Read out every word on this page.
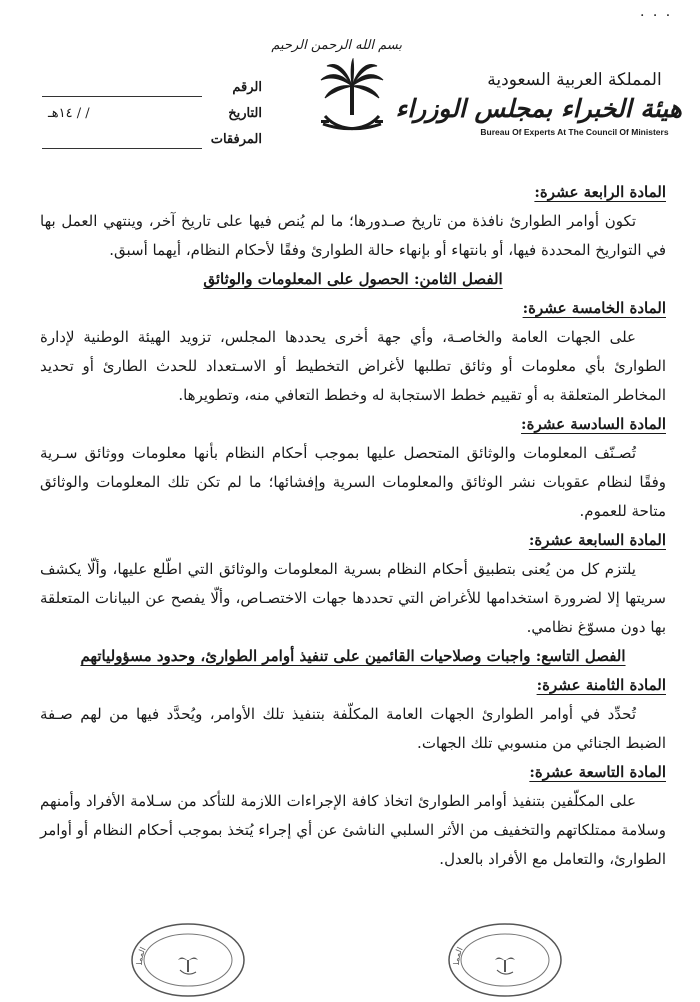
· · ·
المملكة العربية السعودية
هيئة الخبراء بمجلس الوزراء
Bureau Of Experts At The Council Of Ministers
بسم الله الرحمن الرحيم
الرقم
التاريخ
/ / ١٤هـ
المرفقات

المادة الرابعة عشرة:

تكون أوامر الطوارئ نافذة من تاريخ صـدورها؛ ما لم يُنص فيها على تاريخ آخر، وينتهي العمل بها في التواريخ المحددة فيها، أو بانتهاء أو بإنهاء حالة الطوارئ وفقًا لأحكام النظام، أيهما أسبق.

الفصل الثامن: الحصول على المعلومات والوثائق

المادة الخامسة عشرة:

على الجهات العامة والخاصـة، وأي جهة أخرى يحددها المجلس، تزويد الهيئة الوطنية لإدارة الطوارئ بأي معلومات أو وثائق تطلبها لأغراض التخطيط أو الاسـتعداد للحدث الطارئ أو تحديد المخاطر المتعلقة به أو تقييم خطط الاستجابة له وخطط التعافي منه، وتطويرها.

المادة السادسة عشرة:

تُصـنّف المعلومات والوثائق المتحصل عليها بموجب أحكام النظام بأنها معلومات ووثائق سـرية وفقًا لنظام عقوبات نشر الوثائق والمعلومات السرية وإفشائها؛ ما لم تكن تلك المعلومات والوثائق متاحة للعموم.

المادة السابعة عشرة:

يلتزم كل من يُعنى بتطبيق أحكام النظام بسرية المعلومات والوثائق التي اطّلع عليها، وألّا يكشف سريتها إلا لضرورة استخدامها للأغراض التي تحددها جهات الاختصـاص، وألّا يفصح عن البيانات المتعلقة بها دون مسوّغ نظامي.

الفصل التاسع: واجبات وصلاحيات القائمين على تنفيذ أوامر الطوارئ، وحدود مسؤولياتهم

المادة الثامنة عشرة:

تُحدِّد في أوامر الطوارئ الجهات العامة المكلّفة بتنفيذ تلك الأوامر، ويُحدَّد فيها من لهم صـفة الضبط الجنائي من منسوبي تلك الجهات.

المادة التاسعة عشرة:

على المكلّفين بتنفيذ أوامر الطوارئ اتخاذ كافة الإجراءات اللازمة للتأكد من سـلامة الأفراد وأمنهم وسلامة ممتلكاتهم والتخفيف من الأثر السلبي الناشئ عن أي إجراء يُتخذ بموجب أحكام النظام أو أوامر الطوارئ، والتعامل مع الأفراد بالعدل.

الممل
الممل
